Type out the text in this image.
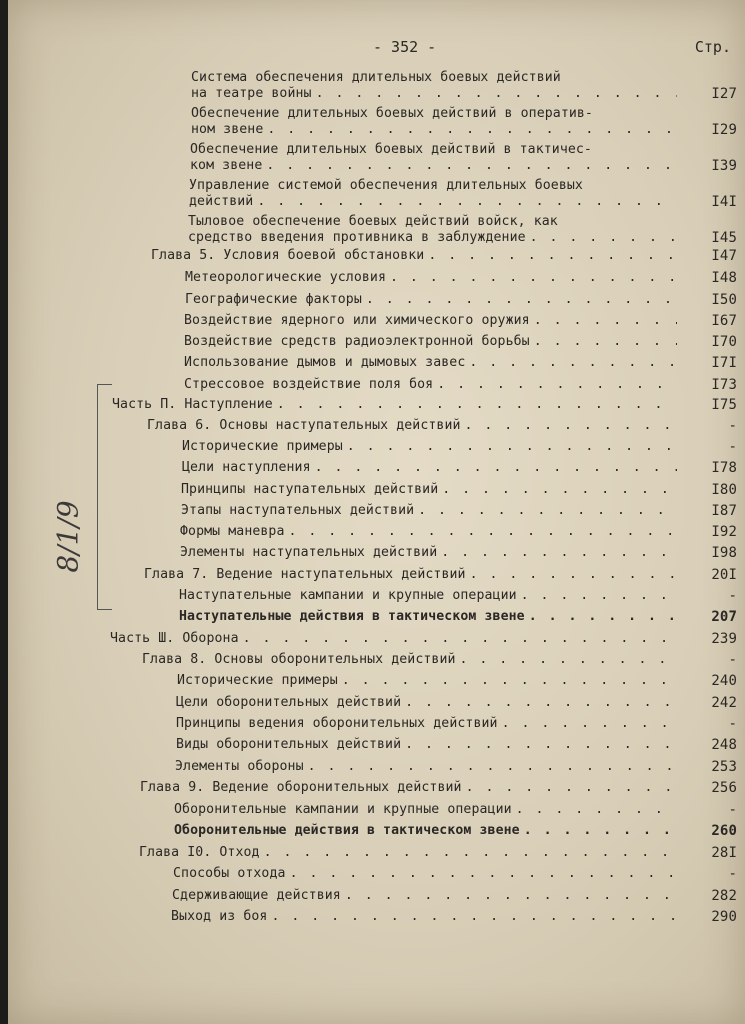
- 352 -	Стр.
8/1/9
Система обеспечения длительных боевых действий
на театре войны . . .	I27
Обеспечение длительных боевых действий в оператив-
ном звене . . .	I29
Обеспечение длительных боевых действий в тактичес-
ком звене . . .	I39
Управление системой обеспечения длительных боевых
действий . . .	I4I
Тыловое обеспечение боевых действий войск, как
средство введения противника в заблуждение . . .	I45
Глава 5. Условия боевой обстановки . . .	I47
Метеорологические условия . . .	I48
Географические факторы . . .	I50
Воздействие ядерного или химического оружия . . .	I67
Воздействие средств радиоэлектронной борьбы . . .	I70
Использование дымов и дымовых завес . . .	I7I
Стрессовое воздействие поля боя . . .	I73
Часть П. Наступление . . .	I75
Глава 6. Основы наступательных действий . . .	-
Исторические примеры . . .	-
Цели наступления . . .	I78
Принципы наступательных действий . . .	I80
Этапы наступательных действий . . .	I87
Формы маневра . . .	I92
Элементы наступательных действий . . .	I98
Глава 7. Ведение наступательных действий . . .	20I
Наступательные кампании и крупные операции . . .	-
Наступательные действия в тактическом звене . . .	207
Часть Ш. Оборона . . .	239
Глава 8. Основы оборонительных действий . . .	-
Исторические примеры . . .	240
Цели оборонительных действий . . .	242
Принципы ведения оборонительных действий . . .	-
Виды оборонительных действий . . .	248
Элементы обороны . . .	253
Глава 9. Ведение оборонительных действий . . .	256
Оборонительные кампании и крупные операции . . .	-
Оборонительные действия в тактическом звене . . .	260
Глава I0. Отход . . .	28I
Способы отхода . . .	-
Сдерживающие действия . . .	282
Выход из боя . . .	290
